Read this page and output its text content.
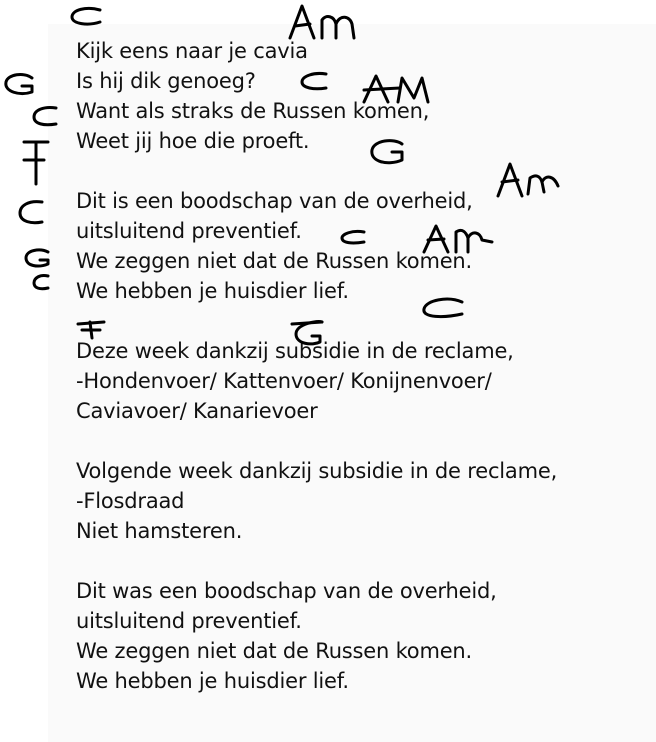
Kijk eens naar je cavia
Is hij dik genoeg?
Want als straks de Russen komen,
Weet jij hoe die proeft.
Dit is een boodschap van de overheid,
uitsluitend preventief.
We zeggen niet dat de Russen komen.
We hebben je huisdier lief.
Deze week dankzij subsidie in de reclame,
-Hondenvoer/ Kattenvoer/ Konijnenvoer/
Caviavoer/ Kanarievoer
Volgende week dankzij subsidie in de reclame,
-Flosdraad
Niet hamsteren.
Dit was een boodschap van de overheid,
uitsluitend preventief.
We zeggen niet dat de Russen komen.
We hebben je huisdier lief.
